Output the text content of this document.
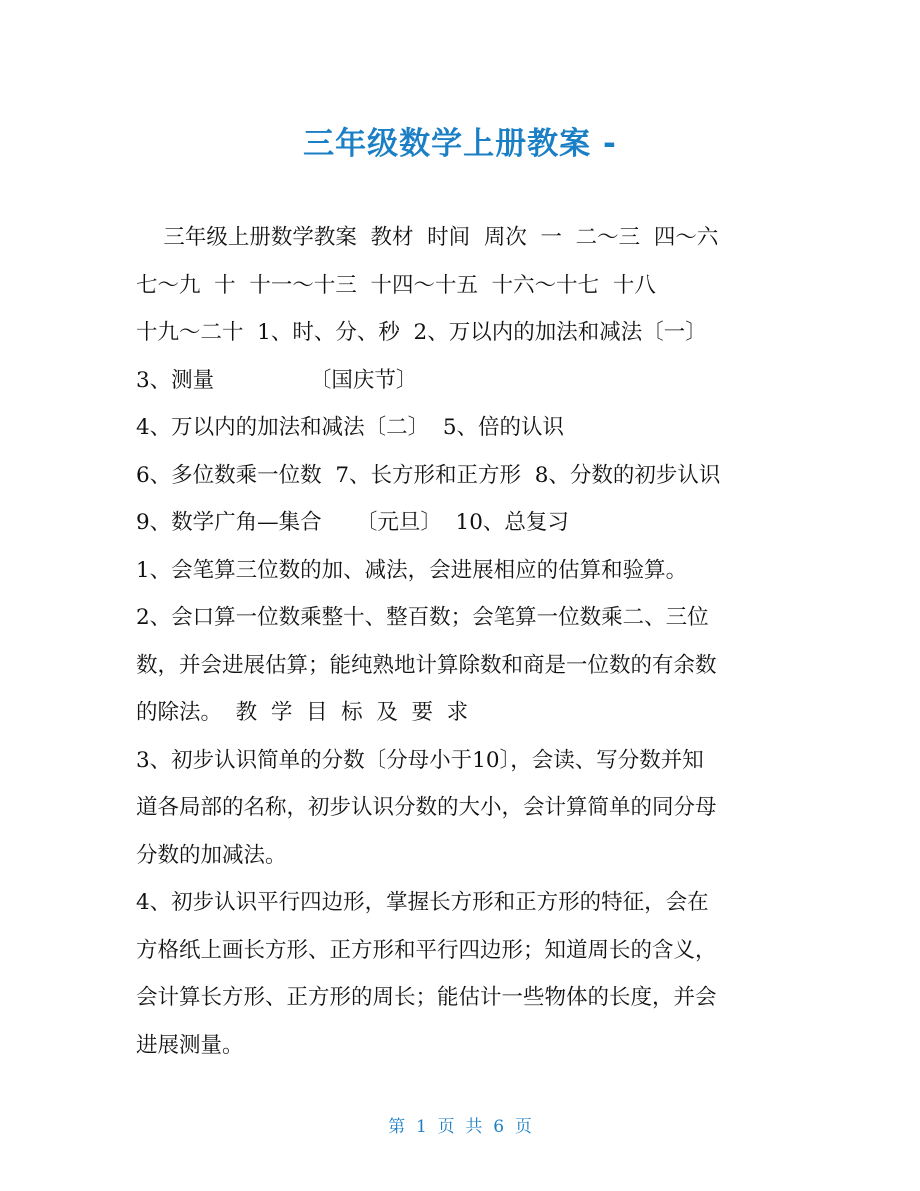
三年级数学上册教案 -
三年级上册数学教案  教材  时间  周次  一  二～三  四～六
七～九  十  十一～十三  十四～十五  十六～十七  十八
十九～二十  1、时、分、秒  2、万以内的加法和减法〔一〕
3、测量              〔国庆节〕
4、万以内的加法和减法〔二〕  5、倍的认识
6、多位数乘一位数  7、长方形和正方形  8、分数的初步认识
9、数学广角—集合     〔元旦〕  10、总复习
1、会笔算三位数的加、减法，会进展相应的估算和验算。
2、会口算一位数乘整十、整百数；会笔算一位数乘二、三位
数，并会进展估算；能纯熟地计算除数和商是一位数的有余数
的除法。  教  学  目  标  及  要  求
3、初步认识简单的分数〔分母小于10〕，会读、写分数并知
道各局部的名称，初步认识分数的大小，会计算简单的同分母
分数的加减法。
4、初步认识平行四边形，掌握长方形和正方形的特征，会在
方格纸上画长方形、正方形和平行四边形；知道周长的含义，
会计算长方形、正方形的周长；能估计一些物体的长度，并会
进展测量。
第  1  页  共  6  页
